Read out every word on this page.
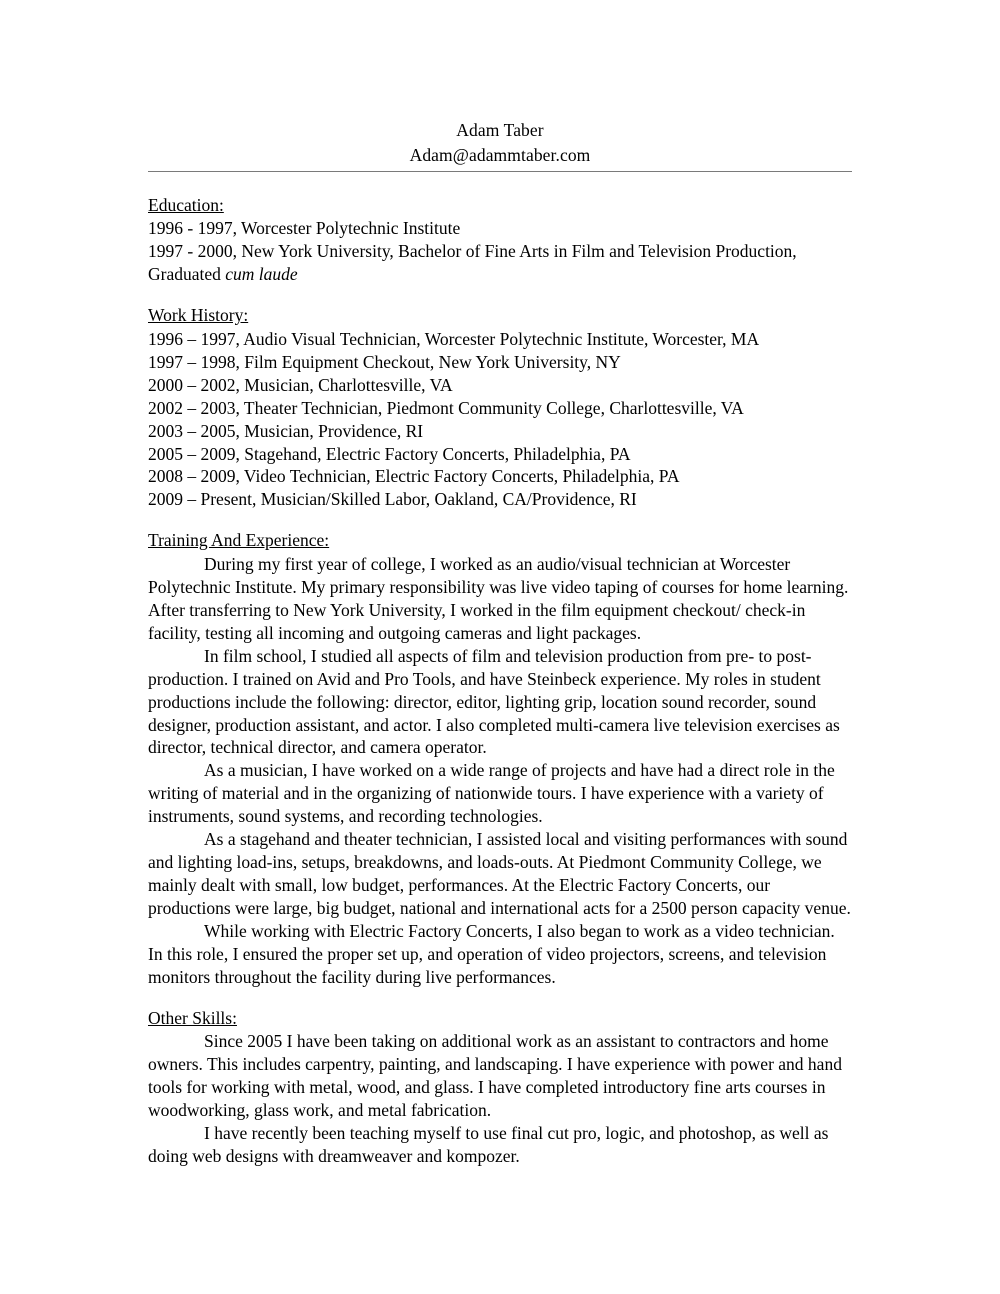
Adam Taber
Adam@adammtaber.com
Education:
1996 - 1997, Worcester Polytechnic Institute
1997 - 2000, New York University, Bachelor of Fine Arts in Film and Television Production,
Graduated cum laude
Work History:
1996 – 1997, Audio Visual Technician, Worcester Polytechnic Institute, Worcester, MA
1997 – 1998, Film Equipment Checkout, New York University, NY
2000 – 2002, Musician, Charlottesville, VA
2002 – 2003, Theater Technician, Piedmont Community College, Charlottesville, VA
2003 – 2005, Musician, Providence, RI
2005 – 2009, Stagehand, Electric Factory Concerts, Philadelphia, PA
2008 – 2009, Video Technician, Electric Factory Concerts, Philadelphia, PA
2009 – Present, Musician/Skilled Labor, Oakland, CA/Providence, RI
Training And Experience:

During my first year of college, I worked as an audio/visual technician at Worcester Polytechnic Institute. My primary responsibility was live video taping of courses for home learning. After transferring to New York University, I worked in the film equipment checkout/ check-in facility, testing all incoming and outgoing cameras and light packages.

In film school, I studied all aspects of film and television production from pre- to post-production. I trained on Avid and Pro Tools, and have Steinbeck experience. My roles in student productions include the following: director, editor, lighting grip, location sound recorder, sound designer, production assistant, and actor. I also completed multi-camera live television exercises as director, technical director, and camera operator.

As a musician, I have worked on a wide range of projects and have had a direct role in the writing of material and in the organizing of nationwide tours. I have experience with a variety of instruments, sound systems, and recording technologies.

As a stagehand and theater technician, I assisted local and visiting performances with sound and lighting load-ins, setups, breakdowns, and loads-outs. At Piedmont Community College, we mainly dealt with small, low budget, performances. At the Electric Factory Concerts, our productions were large, big budget, national and international acts for a 2500 person capacity venue.

While working with Electric Factory Concerts, I also began to work as a video technician. In this role, I ensured the proper set up, and operation of video projectors, screens, and television monitors throughout the facility during live performances.

Other Skills:

Since 2005 I have been taking on additional work as an assistant to contractors and home owners. This includes carpentry, painting, and landscaping. I have experience with power and hand tools for working with metal, wood, and glass. I have completed introductory fine arts courses in woodworking, glass work, and metal fabrication.

I have recently been teaching myself to use final cut pro, logic, and photoshop, as well as doing web designs with dreamweaver and kompozer.
